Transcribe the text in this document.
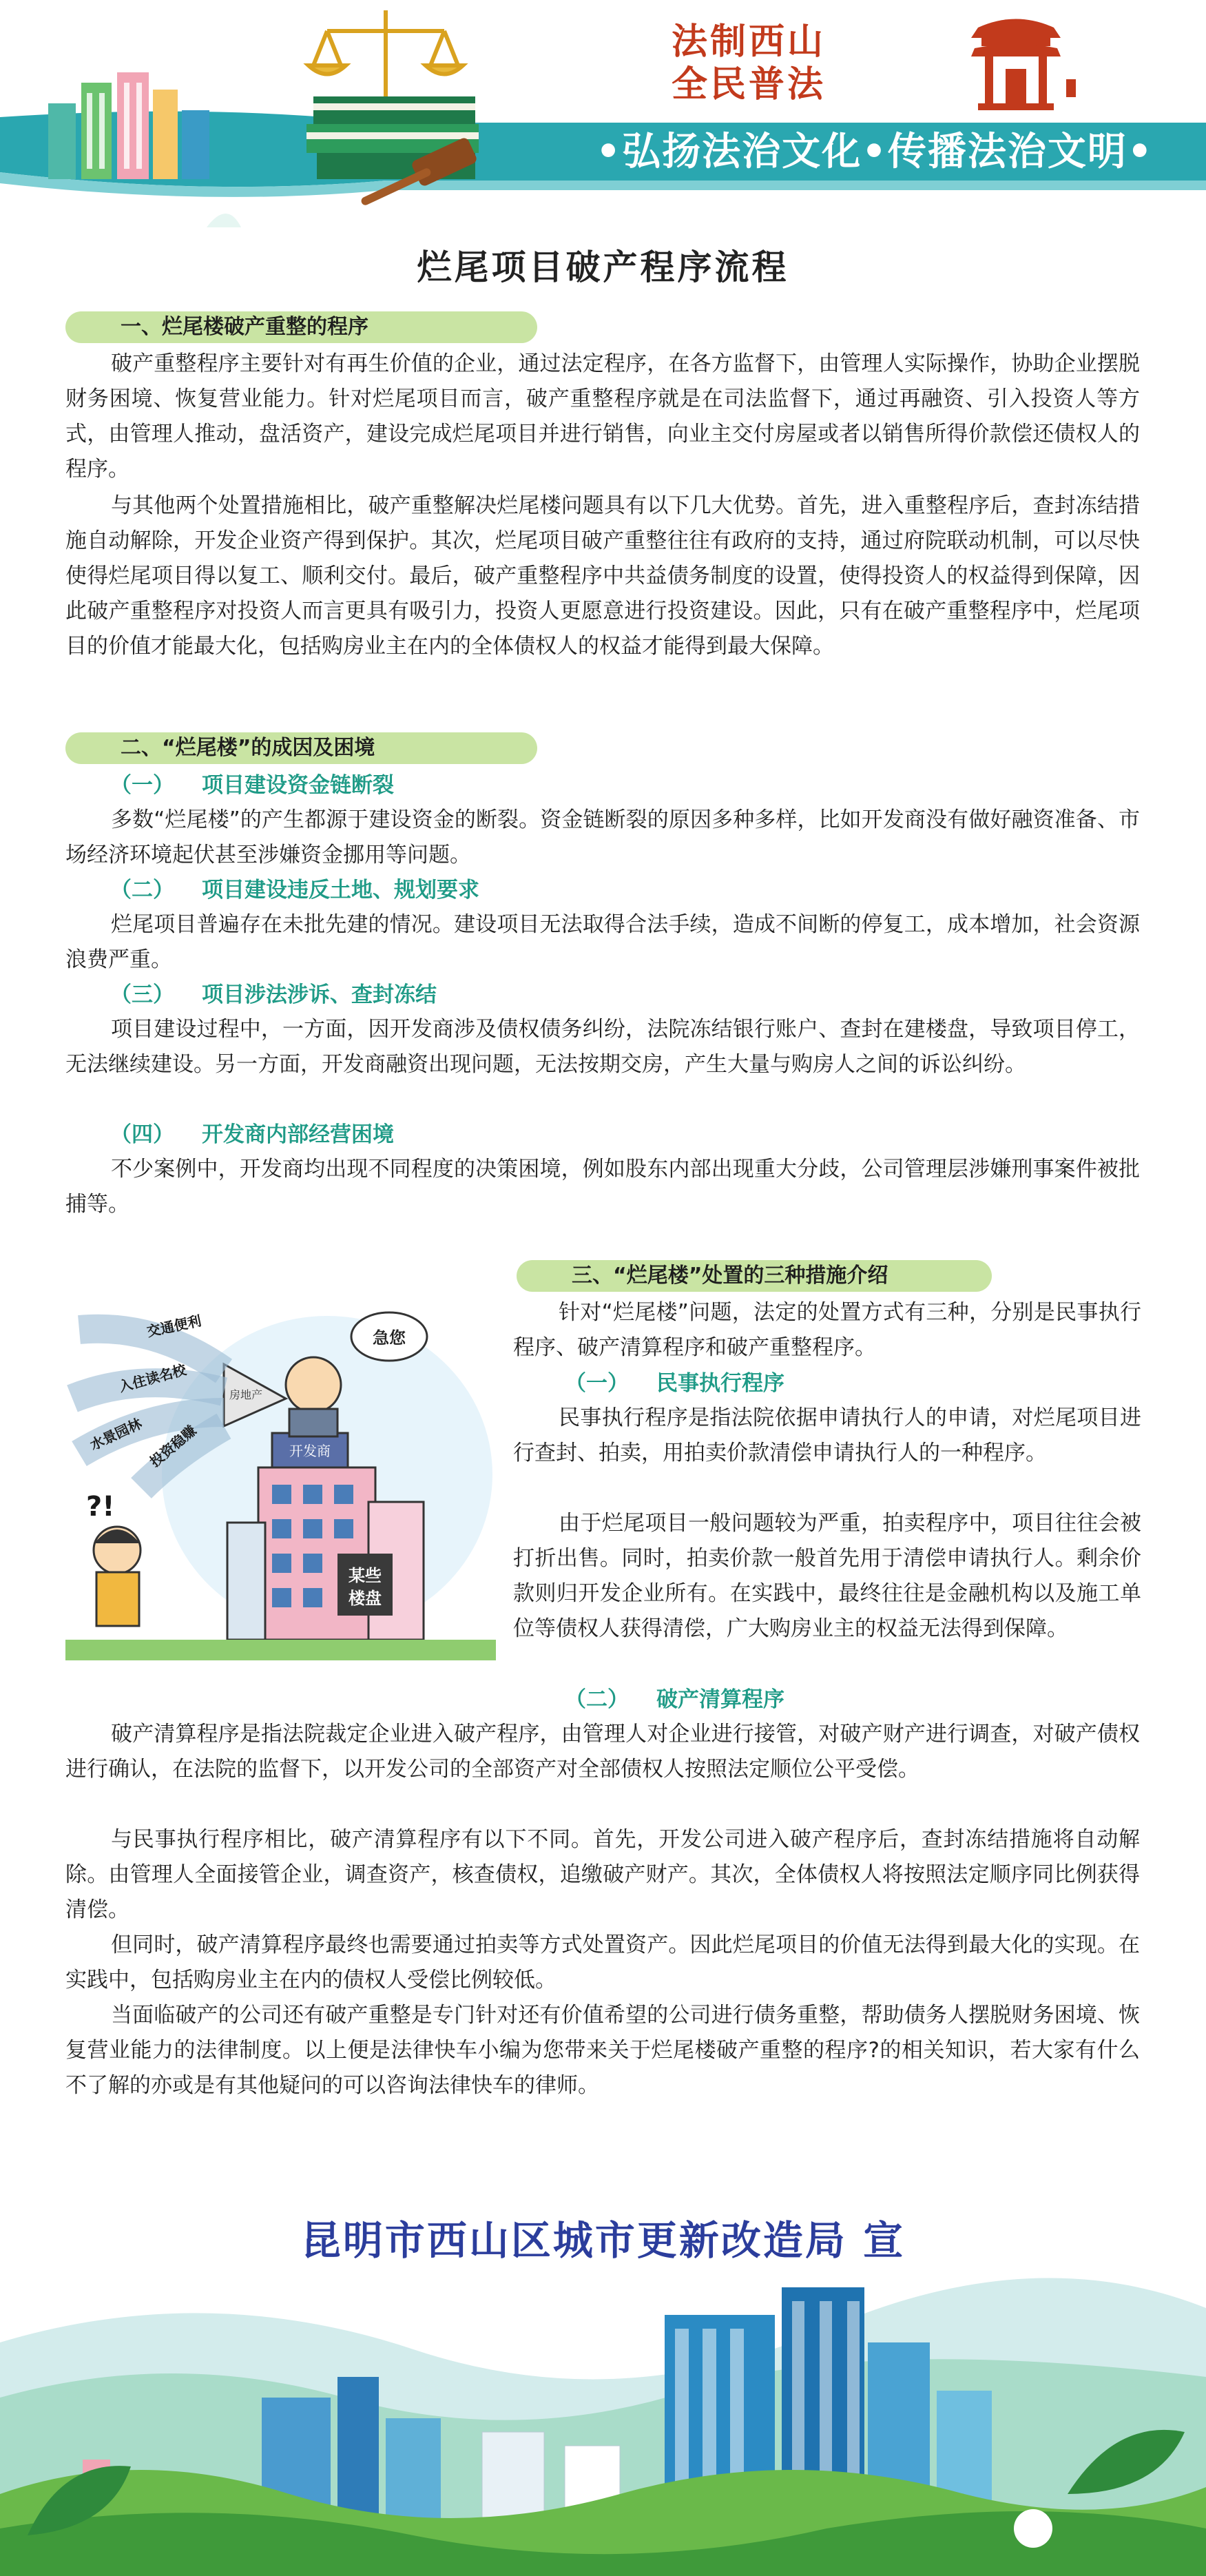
法制西山
全民普法
•弘扬法治文化•传播法治文明•
烂尾项目破产程序流程
一、烂尾楼破产重整的程序

破产重整程序主要针对有再生价值的企业，通过法定程序，在各方监督下，由管理人实际操作，协助企业摆脱财务困境、恢复营业能力。针对烂尾项目而言，破产重整程序就是在司法监督下，通过再融资、引入投资人等方式，由管理人推动，盘活资产，建设完成烂尾项目并进行销售，向业主交付房屋或者以销售所得价款偿还债权人的程序。

与其他两个处置措施相比，破产重整解决烂尾楼问题具有以下几大优势。首先，进入重整程序后，查封冻结措施自动解除，开发企业资产得到保护。其次，烂尾项目破产重整往往有政府的支持，通过府院联动机制，可以尽快使得烂尾项目得以复工、顺利交付。最后，破产重整程序中共益债务制度的设置，使得投资人的权益得到保障，因此破产重整程序对投资人而言更具有吸引力，投资人更愿意进行投资建设。因此，只有在破产重整程序中，烂尾项目的价值才能最大化，包括购房业主在内的全体债权人的权益才能得到最大保障。

二、“烂尾楼”的成因及困境
（一） 项目建设资金链断裂

多数“烂尾楼”的产生都源于建设资金的断裂。资金链断裂的原因多种多样，比如开发商没有做好融资准备、市场经济环境起伏甚至涉嫌资金挪用等问题。

（二） 项目建设违反土地、规划要求

烂尾项目普遍存在未批先建的情况。建设项目无法取得合法手续，造成不间断的停复工，成本增加，社会资源浪费严重。

（三） 项目涉法涉诉、查封冻结

项目建设过程中，一方面，因开发商涉及债权债务纠纷，法院冻结银行账户、查封在建楼盘，导致项目停工，无法继续建设。另一方面，开发商融资出现问题，无法按期交房，产生大量与购房人之间的诉讼纠纷。

（四） 开发商内部经营困境

不少案例中，开发商均出现不同程度的决策困境，例如股东内部出现重大分歧，公司管理层涉嫌刑事案件被批捕等。

三、“烂尾楼”处置的三种措施介绍

针对“烂尾楼”问题，法定的处置方式有三种，分别是民事执行程序、破产清算程序和破产重整程序。

（一） 民事执行程序

民事执行程序是指法院依据申请执行人的申请，对烂尾项目进行查封、拍卖，用拍卖价款清偿申请执行人的一种程序。

由于烂尾项目一般问题较为严重，拍卖程序中，项目往往会被打折出售。同时，拍卖价款一般首先用于清偿申请执行人。剩余价款则归开发企业所有。在实践中，最终往往是金融机构以及施工单位等债权人获得清偿，广大购房业主的权益无法得到保障。

（二） 破产清算程序

破产清算程序是指法院裁定企业进入破产程序，由管理人对企业进行接管，对破产财产进行调查，对破产债权进行确认，在法院的监督下，以开发公司的全部资产对全部债权人按照法定顺位公平受偿。

与民事执行程序相比，破产清算程序有以下不同。首先，开发公司进入破产程序后，查封冻结措施将自动解除。由管理人全面接管企业，调查资产，核查债权，追缴破产财产。其次，全体债权人将按照法定顺序同比例获得清偿。

但同时，破产清算程序最终也需要通过拍卖等方式处置资产。因此烂尾项目的价值无法得到最大化的实现。在实践中，包括购房业主在内的债权人受偿比例较低。

当面临破产的公司还有破产重整是专门针对还有价值希望的公司进行债务重整，帮助债务人摆脱财务困境、恢复营业能力的法律制度。以上便是法律快车小编为您带来关于烂尾楼破产重整的程序?的相关知识，若大家有什么不了解的亦或是有其他疑问的可以咨询法律快车的律师。

某些
楼盘
开发商
房地产
急您
交通便利
入住读名校
水景园林 投资稳赚
?!
昆明市西山区城市更新改造局 宣
